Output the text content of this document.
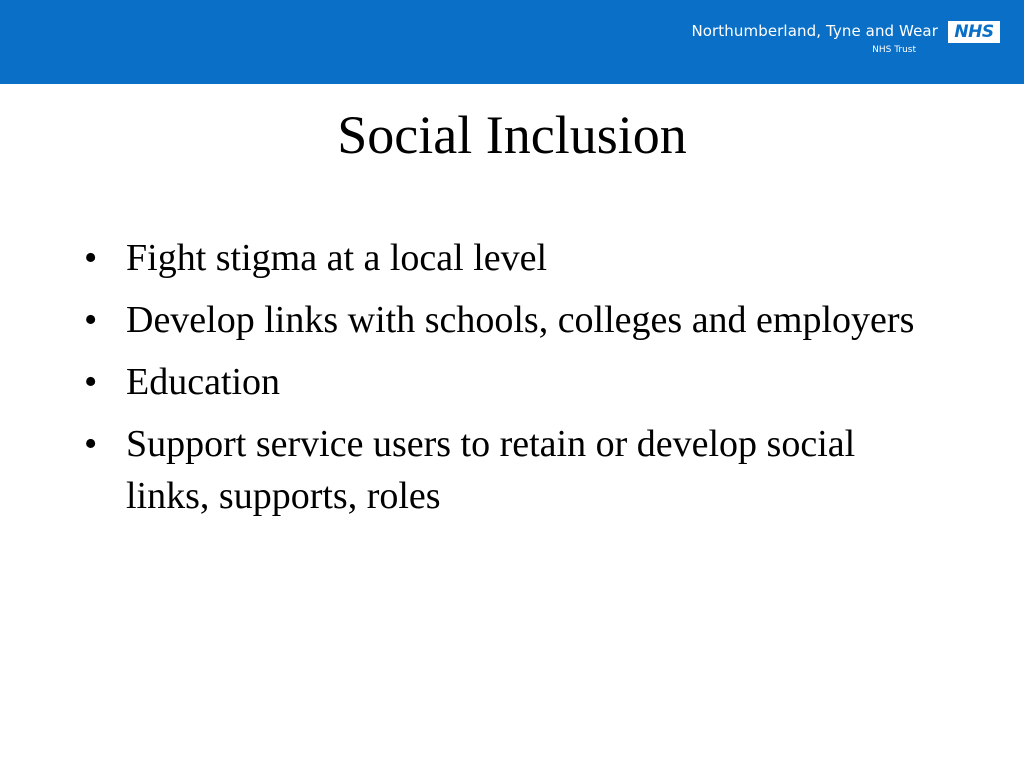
Northumberland, Tyne and Wear
NHS Trust
NHS
Social Inclusion
• Fight stigma at a local level
• Develop links with schools, colleges and employers
• Education
• Support service users to retain or develop social links, supports, roles
